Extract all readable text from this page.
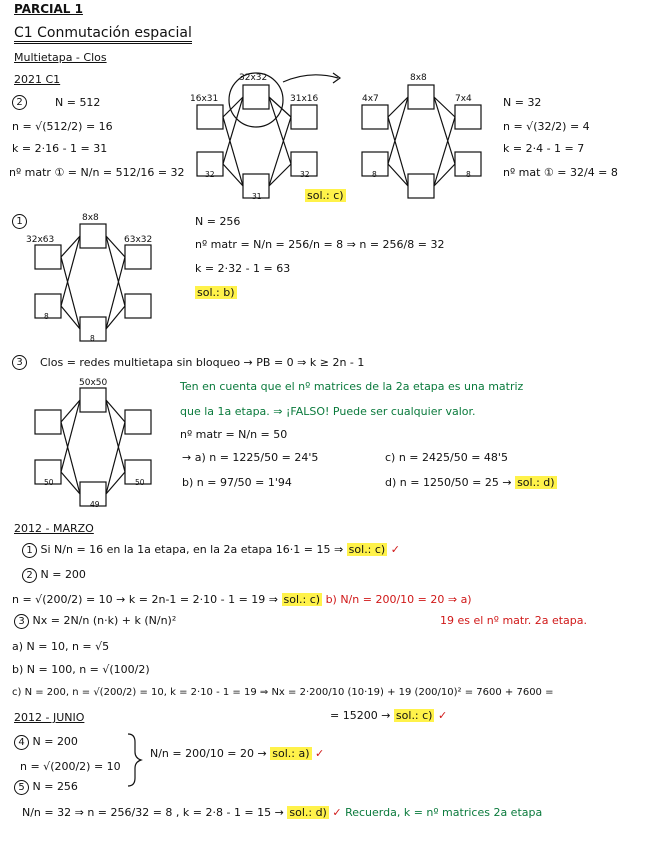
PARCIAL 1
C1 Conmutación espacial
Multietapa - Clos
2021 C1
2	N = 512
n = √(512/2) = 16
k = 2·16 - 1 = 31
nº matr ① = N/n = 512/16 = 32
16x31
32x32
31x16
32
31
32
4x7
8x8
7x4
8	8
N = 32
n = √(32/2) = 4
k = 2·4 - 1 = 7
nº mat ① = 32/4 = 8
sol.: c)
1
32x63
8x8
63x32
8
8
N = 256
nº matr = N/n = 256/n = 8 ⇒ n = 256/8 = 32
k = 2·32 - 1 = 63
sol.: b)
3	Clos = redes multietapa sin bloqueo → PB = 0 ⇒ k ≥ 2n - 1
Ten en cuenta que el nº matrices de la 2a etapa es una matriz
que la 1a etapa. ⇒ ¡FALSO! Puede ser cualquier valor.
50x50
50
49
50
nº matr = N/n = 50
→ a) n = 1225/50 = 24'5
b) n = 97/50 = 1'94
c) n = 2425/50 = 48'5
d) n = 1250/50 = 25 → sol.: d)
2012 - MARZO
1 Si N/n = 16 en la 1a etapa, en la 2a etapa 16·1 = 15 ⇒ sol.: c) ✓
2 N = 200
n = √(200/2) = 10 → k = 2n-1 = 2·10 - 1 = 19 ⇒ sol.: c) b) N/n = 200/10 = 20 ⇒ a)
19 es el nº matr. 2a etapa.
3 Nx = 2N/n (n·k) + k (N/n)²
a) N = 10, n = √5
b) N = 100, n = √(100/2)
c) N = 200, n = √(200/2) = 10, k = 2·10 - 1 = 19 ⇒ Nx = 2·200/10 (10·19) + 19 (200/10)² = 7600 + 7600 =
= 15200 → sol.: c) ✓
2012 - JUNIO
4 N = 200
n = √(200/2) = 10
N/n = 200/10 = 20 → sol.: a) ✓
5 N = 256
N/n = 32 ⇒ n = 256/32 = 8 , k = 2·8 - 1 = 15 → sol.: d) ✓ Recuerda, k = nº matrices 2a etapa
